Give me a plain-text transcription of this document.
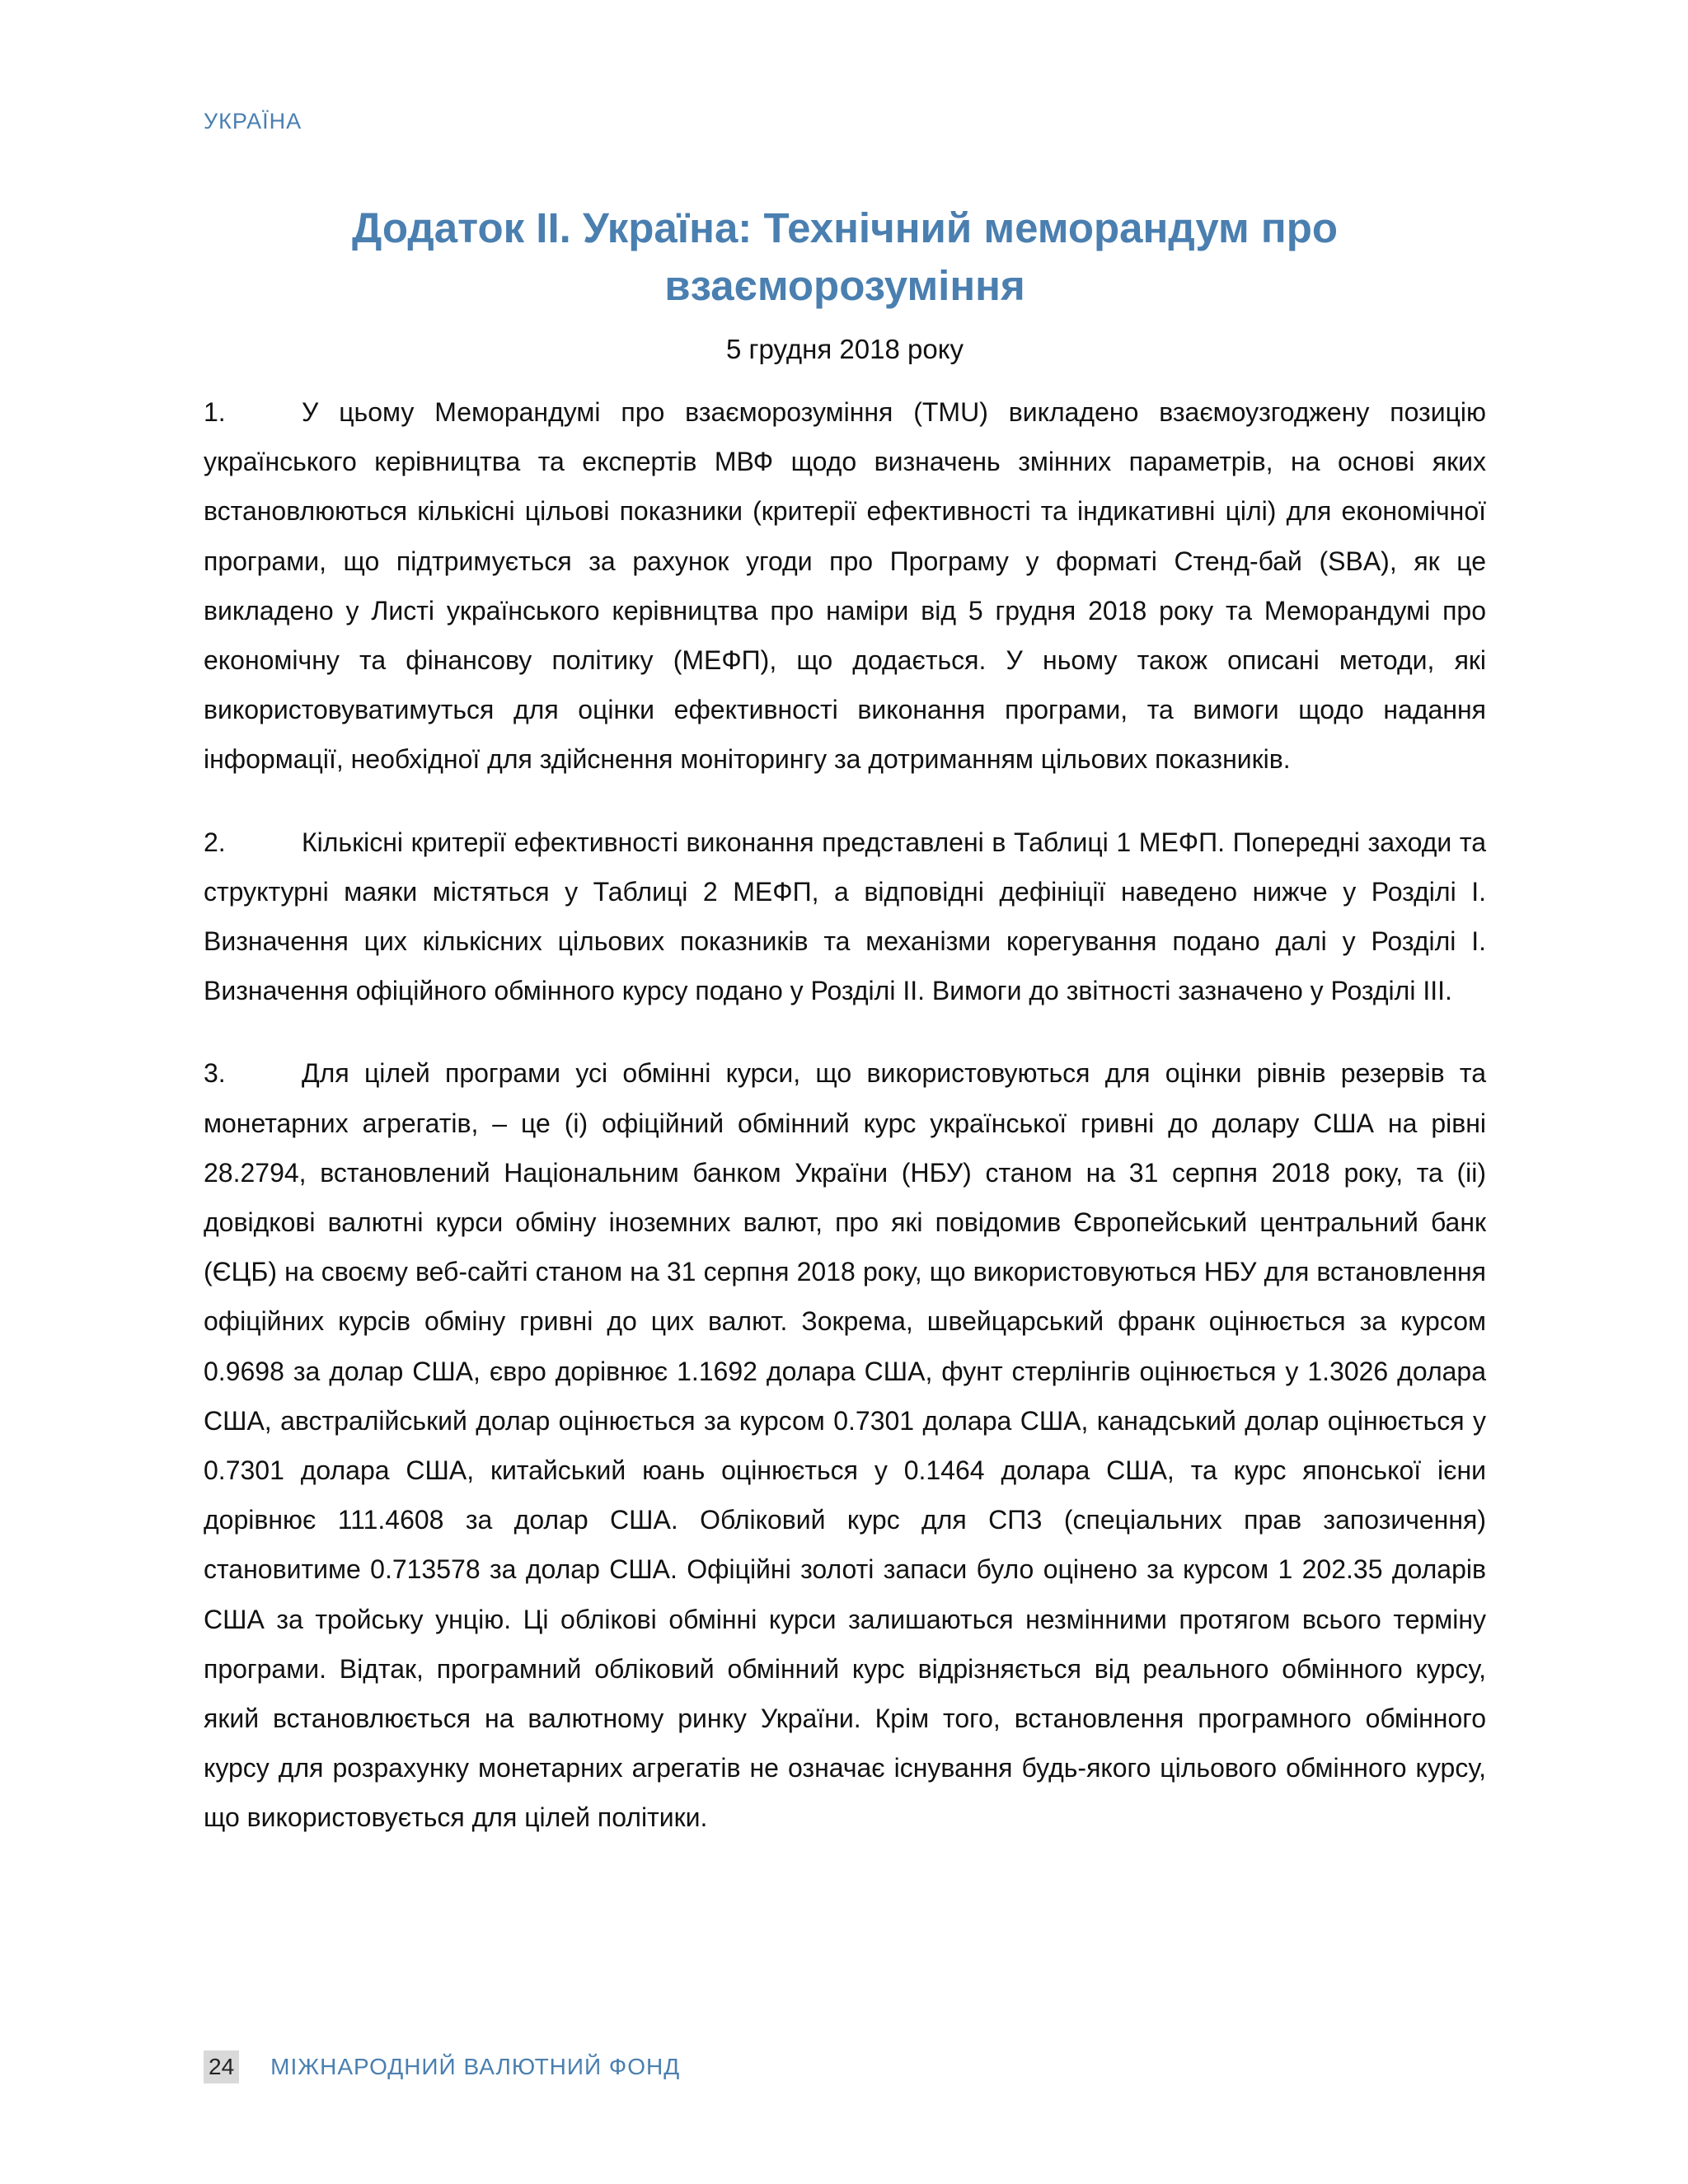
УКРАЇНА
Додаток ІІ. Україна: Технічний меморандум про
взаєморозуміння
5 грудня 2018 року

1.	У цьому Меморандумі про взаєморозуміння (TMU) викладено взаємоузгоджену позицію українського керівництва та експертів МВФ щодо визначень змінних параметрів, на основі яких встановлюються кількісні цільові показники (критерії ефективності та індикативні цілі) для економічної програми, що підтримується за рахунок угоди про Програму у форматі Стенд-бай (SBA), як це викладено у Листі українського керівництва про наміри від 5 грудня 2018 року та Меморандумі про економічну та фінансову політику (МЕФП), що додається. У ньому також описані методи, які використовуватимуться для оцінки ефективності виконання програми, та вимоги щодо надання інформації, необхідної для здійснення моніторингу за дотриманням цільових показників.

2.	Кількісні критерії ефективності виконання представлені в Таблиці 1 МЕФП. Попередні заходи та структурні маяки містяться у Таблиці 2 МЕФП, а відповідні дефініції наведено нижче у Розділі I. Визначення цих кількісних цільових показників та механізми корегування подано далі у Розділі I. Визначення офіційного обмінного курсу подано у Розділі II. Вимоги до звітності зазначено у Розділі III.

3.	Для цілей програми усі обмінні курси, що використовуються для оцінки рівнів резервів та монетарних агрегатів, – це (i) офіційний обмінний курс української гривні до долару США на рівні 28.2794, встановлений Національним банком України (НБУ) станом на 31 серпня 2018 року, та (ii) довідкові валютні курси обміну іноземних валют, про які повідомив Європейський центральний банк (ЄЦБ) на своєму веб-сайті станом на 31 серпня 2018 року, що використовуються НБУ для встановлення офіційних курсів обміну гривні до цих валют. Зокрема, швейцарський франк оцінюється за курсом 0.9698 за долар США, євро дорівнює 1.1692 долара США, фунт стерлінгів оцінюється у 1.3026 долара США, австралійський долар оцінюється за курсом 0.7301 долара США, канадський долар оцінюється у 0.7301 долара США, китайський юань оцінюється у 0.1464 долара США, та курс японської ієни дорівнює 111.4608 за долар США. Обліковий курс для СПЗ (спеціальних прав запозичення) становитиме 0.713578 за долар США. Офіційні золоті запаси було оцінено за курсом 1 202.35 доларів США за тройську унцію. Ці облікові обмінні курси залишаються незмінними протягом всього терміну програми. Відтак, програмний обліковий обмінний курс відрізняється від реального обмінного курсу, який встановлюється на валютному ринку України. Крім того, встановлення програмного обмінного курсу для розрахунку монетарних агрегатів не означає існування будь-якого цільового обмінного курсу, що використовується для цілей політики.

24 МІЖНАРОДНИЙ ВАЛЮТНИЙ ФОНД
